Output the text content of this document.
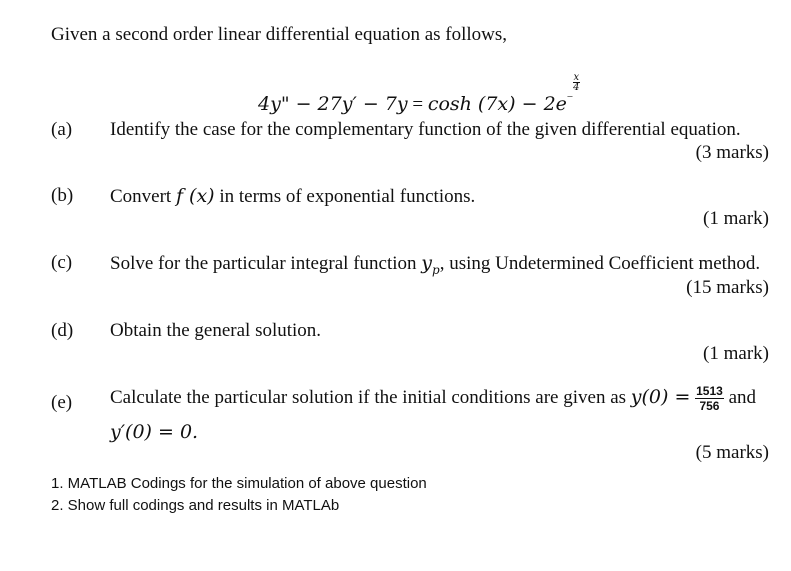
Given a second order linear differential equation as follows,
4y" − $27y' - 7y = \cosh (7x) - 2e^{- \frac{x}{4}}$
(a) Identify the case for the complementary function of the given differential equation.
(3 marks)
(b) Convert f (x) in terms of exponential functions.
(1 mark)
(c) Solve for the particular integral function $y_p$, using Undetermined Coefficient method.
(15 marks)
(d) Obtain the general solution.
(1 mark)
(e) Calculate the particular solution if the initial conditions are given as $y(0) = \frac{1513}{756}$ and
y′(0) = 0.
(5 marks)
1. MATLAB Codings for the simulation of above question
2. Show full codings and results in MATLAb
